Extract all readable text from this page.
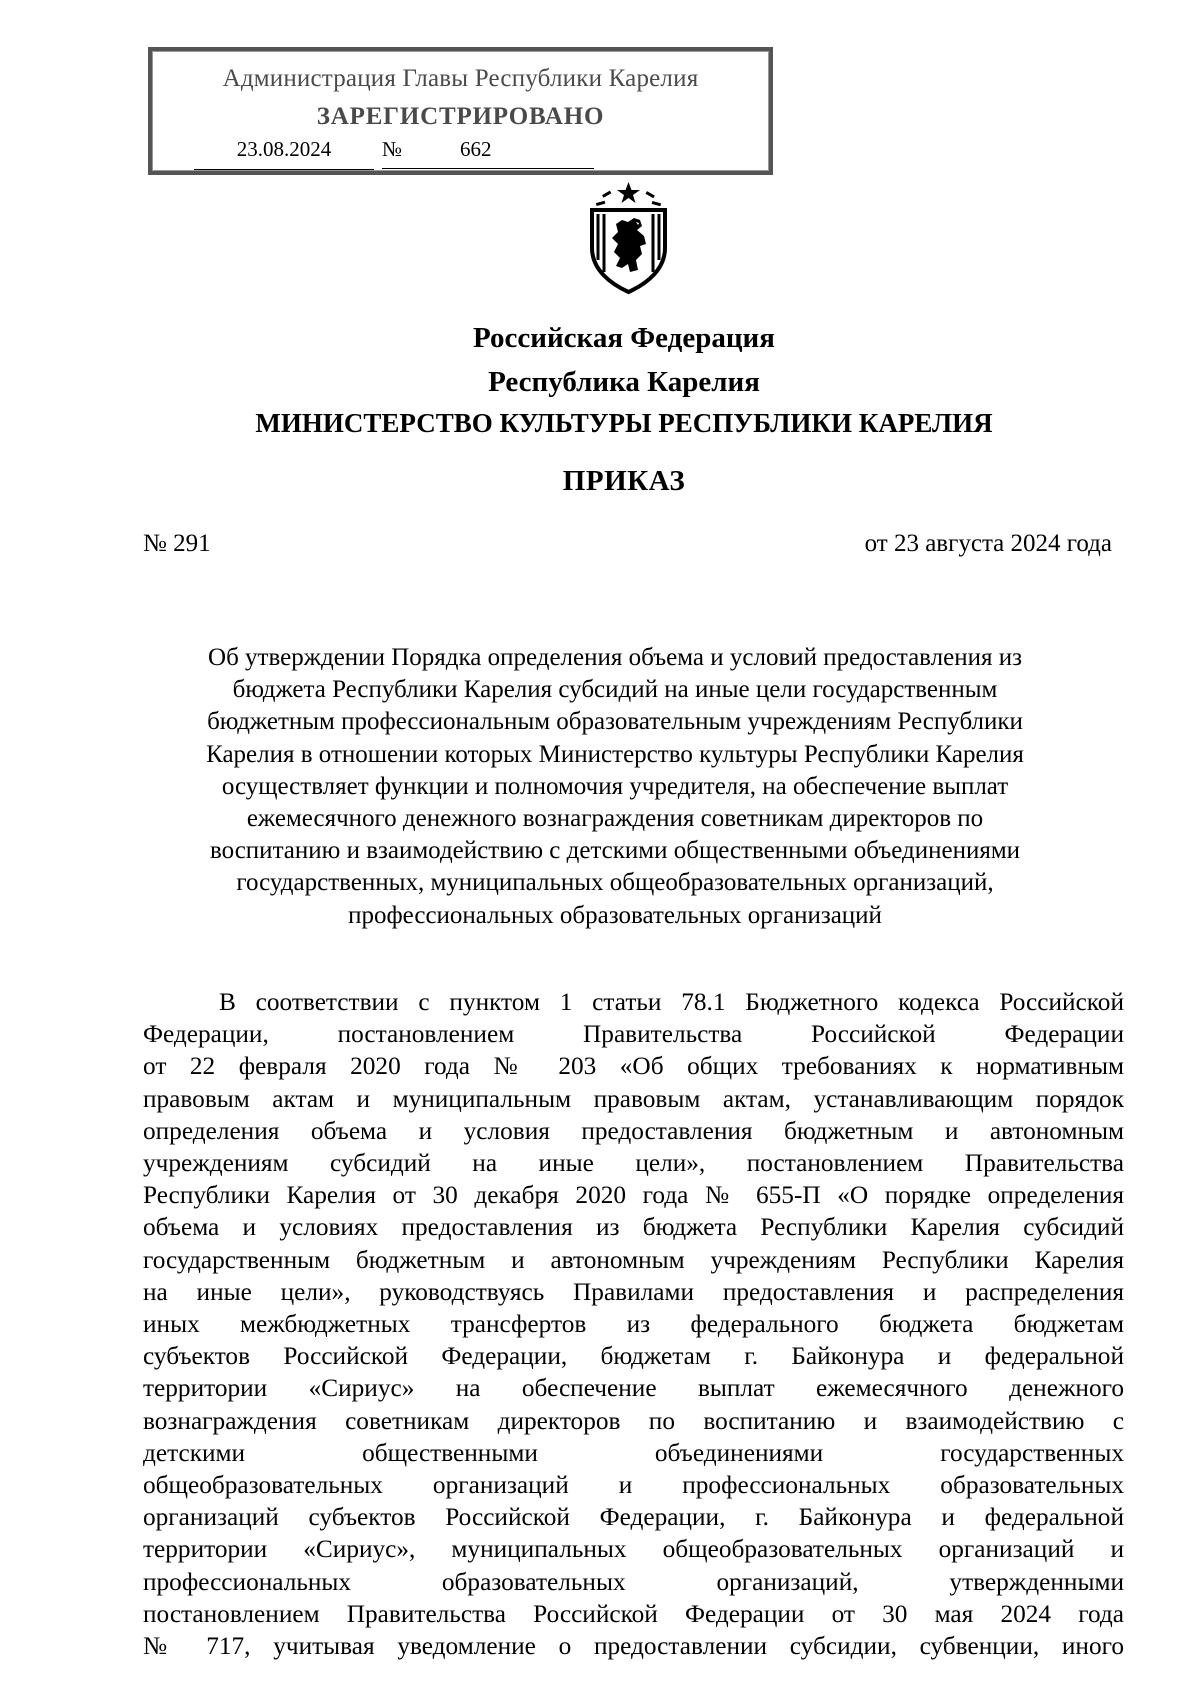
Администрация Главы Республики Карелия
ЗАРЕГИСТРИРОВАНО
23.08.2024	662
№
Российская Федерация
Республика Карелия
МИНИСТЕРСТВО КУЛЬТУРЫ РЕСПУБЛИКИ КАРЕЛИЯ
ПРИКАЗ
№ 291	от 23 августа 2024 года
Об утверждении Порядка определения объема и условий предоставления из
бюджета Республики Карелия субсидий на иные цели государственным
бюджетным профессиональным образовательным учреждениям Республики
Карелия в отношении которых Министерство культуры Республики Карелия
осуществляет функции и полномочия учредителя, на обеспечение выплат
ежемесячного денежного вознаграждения советникам директоров по
воспитанию и взаимодействию с детскими общественными объединениями
государственных, муниципальных общеобразовательных организаций,
профессиональных образовательных организаций
В соответствии с пунктом 1 статьи 78.1 Бюджетного кодекса Российской
Федерации, постановлением Правительства Российской Федерации
от 22 февраля 2020 года № 203 «Об общих требованиях к нормативным
правовым актам и муниципальным правовым актам, устанавливающим порядок
определения объема и условия предоставления бюджетным и автономным
учреждениям субсидий на иные цели», постановлением Правительства
Республики Карелия от 30 декабря 2020 года № 655-П «О порядке определения
объема и условиях предоставления из бюджета Республики Карелия субсидий
государственным бюджетным и автономным учреждениям Республики Карелия
на иные цели», руководствуясь Правилами предоставления и распределения
иных межбюджетных трансфертов из федерального бюджета бюджетам
субъектов Российской Федерации, бюджетам г. Байконура и федеральной
территории «Сириус» на обеспечение выплат ежемесячного денежного
вознаграждения советникам директоров по воспитанию и взаимодействию с
детскими общественными объединениями государственных
общеобразовательных организаций и профессиональных образовательных
организаций субъектов Российской Федерации, г. Байконура и федеральной
территории «Сириус», муниципальных общеобразовательных организаций и
профессиональных образовательных организаций, утвержденными
постановлением Правительства Российской Федерации от 30 мая 2024 года
№ 717, учитывая уведомление о предоставлении субсидии, субвенции, иного
